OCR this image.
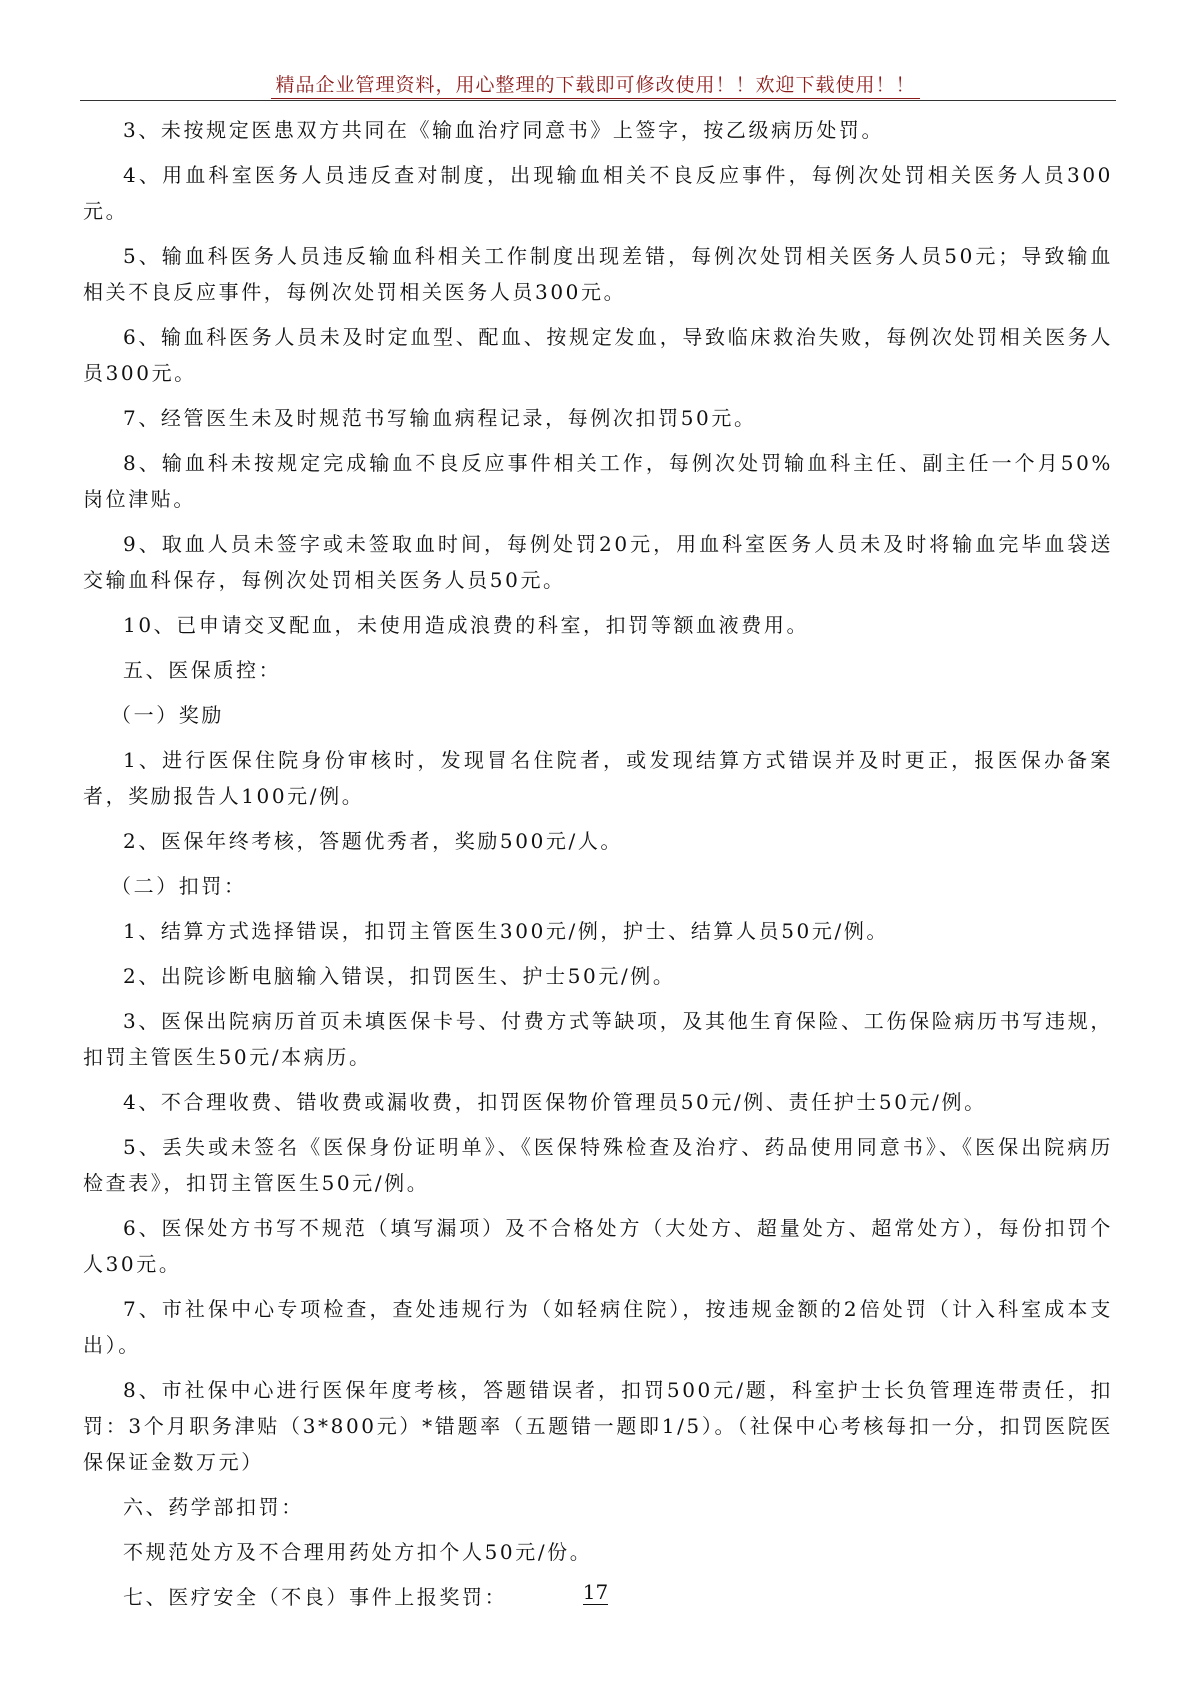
精品企业管理资料，用心整理的下载即可修改使用！！欢迎下载使用！！

3、未按规定医患双方共同在《输血治疗同意书》上签字，按乙级病历处罚。

4、用血科室医务人员违反查对制度，出现输血相关不良反应事件，每例次处罚相关医务人员300元。

5、输血科医务人员违反输血科相关工作制度出现差错，每例次处罚相关医务人员50元；导致输血相关不良反应事件，每例次处罚相关医务人员300元。

6、输血科医务人员未及时定血型、配血、按规定发血，导致临床救治失败，每例次处罚相关医务人员300元。

7、经管医生未及时规范书写输血病程记录，每例次扣罚50元。

8、输血科未按规定完成输血不良反应事件相关工作，每例次处罚输血科主任、副主任一个月50%岗位津贴。

9、取血人员未签字或未签取血时间，每例处罚20元，用血科室医务人员未及时将输血完毕血袋送交输血科保存，每例次处罚相关医务人员50元。

10、已申请交叉配血，未使用造成浪费的科室，扣罚等额血液费用。

五、医保质控：

（一）奖励

1、进行医保住院身份审核时，发现冒名住院者，或发现结算方式错误并及时更正，报医保办备案者，奖励报告人100元/例。

2、医保年终考核，答题优秀者，奖励500元/人。

（二）扣罚：

1、结算方式选择错误，扣罚主管医生300元/例，护士、结算人员50元/例。

2、出院诊断电脑输入错误，扣罚医生、护士50元/例。

3、医保出院病历首页未填医保卡号、付费方式等缺项，及其他生育保险、工伤保险病历书写违规，扣罚主管医生50元/本病历。

4、不合理收费、错收费或漏收费，扣罚医保物价管理员50元/例、责任护士50元/例。

5、丢失或未签名《医保身份证明单》、《医保特殊检查及治疗、药品使用同意书》、《医保出院病历检查表》，扣罚主管医生50元/例。

6、医保处方书写不规范（填写漏项）及不合格处方（大处方、超量处方、超常处方），每份扣罚个人30元。

7、市社保中心专项检查，查处违规行为（如轻病住院），按违规金额的2倍处罚（计入科室成本支出）。

8、市社保中心进行医保年度考核，答题错误者，扣罚500元/题，科室护士长负管理连带责任，扣罚：3个月职务津贴（3*800元）*错题率（五题错一题即1/5）。（社保中心考核每扣一分，扣罚医院医保保证金数万元）

六、药学部扣罚：

不规范处方及不合理用药处方扣个人50元/份。

七、医疗安全（不良）事件上报奖罚：	17
